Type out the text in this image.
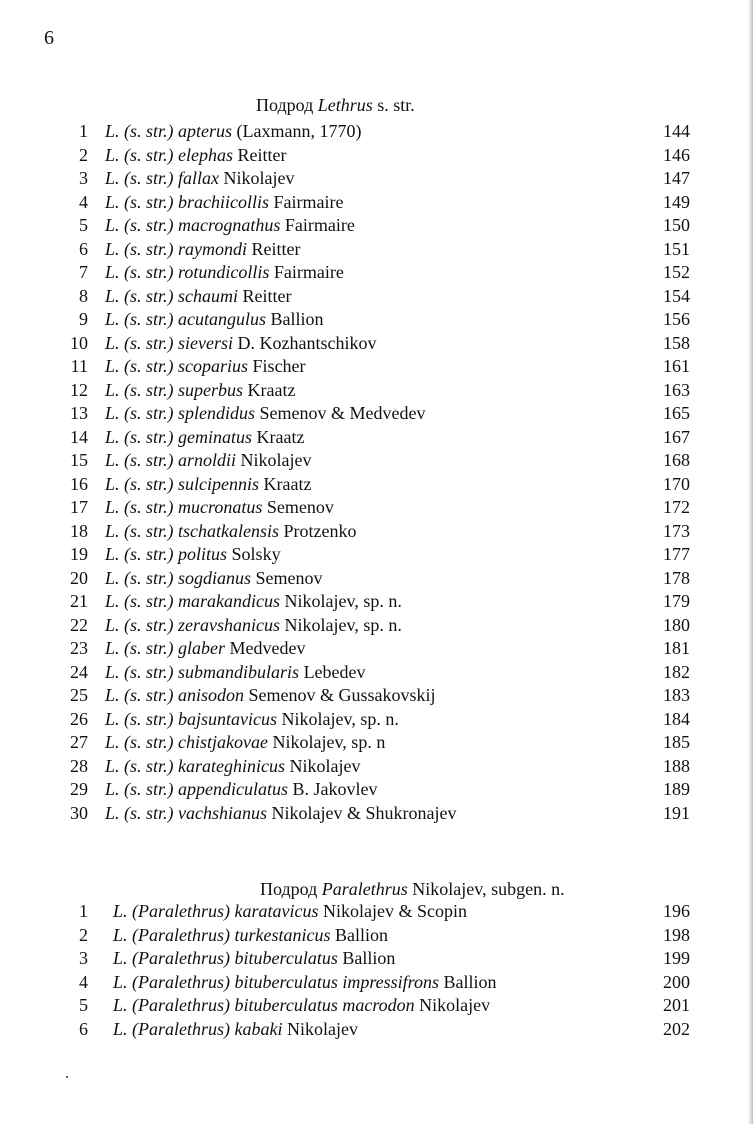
6
Подрод Lethrus s. str.
1 L. (s. str.) apterus (Laxmann, 1770)	144
2 L. (s. str.) elephas Reitter	146
3 L. (s. str.) fallax Nikolajev	147
4 L. (s. str.) brachiicollis Fairmaire	149
5 L. (s. str.) macrognathus Fairmaire	150
6 L. (s. str.) raymondi Reitter	151
7 L. (s. str.) rotundicollis Fairmaire	152
8 L. (s. str.) schaumi Reitter	154
9 L. (s. str.) acutangulus Ballion	156
10 L. (s. str.) sieversi D. Kozhantschikov	158
11 L. (s. str.) scoparius Fischer	161
12 L. (s. str.) superbus Kraatz	163
13 L. (s. str.) splendidus Semenov & Medvedev	165
14 L. (s. str.) geminatus Kraatz	167
15 L. (s. str.) arnoldii Nikolajev	168
16 L. (s. str.) sulcipennis Kraatz	170
17 L. (s. str.) mucronatus Semenov	172
18 L. (s. str.) tschatkalensis Protzenko	173
19 L. (s. str.) politus Solsky	177
20 L. (s. str.) sogdianus Semenov	178
21 L. (s. str.) marakandicus Nikolajev, sp. n.	179
22 L. (s. str.) zeravshanicus Nikolajev, sp. n.	180
23 L. (s. str.) glaber Medvedev	181
24 L. (s. str.) submandibularis Lebedev	182
25 L. (s. str.) anisodon Semenov & Gussakovskij	183
26 L. (s. str.) bajsuntavicus Nikolajev, sp. n.	184
27 L. (s. str.) chistjakovae Nikolajev, sp. n	185
28 L. (s. str.) karateghinicus Nikolajev	188
29 L. (s. str.) appendiculatus B. Jakovlev	189
30 L. (s. str.) vachshianus Nikolajev & Shukronajev	191
Подрод Paralethrus Nikolajev, subgen. n.
1 L. (Paralethrus) karatavicus Nikolajev & Scopin	196
2 L. (Paralethrus) turkestanicus Ballion	198
3 L. (Paralethrus) bituberculatus Ballion	199
4 L. (Paralethrus) bituberculatus impressifrons Ballion	200
5 L. (Paralethrus) bituberculatus macrodon Nikolajev	201
6 L. (Paralethrus) kabaki Nikolajev	202
